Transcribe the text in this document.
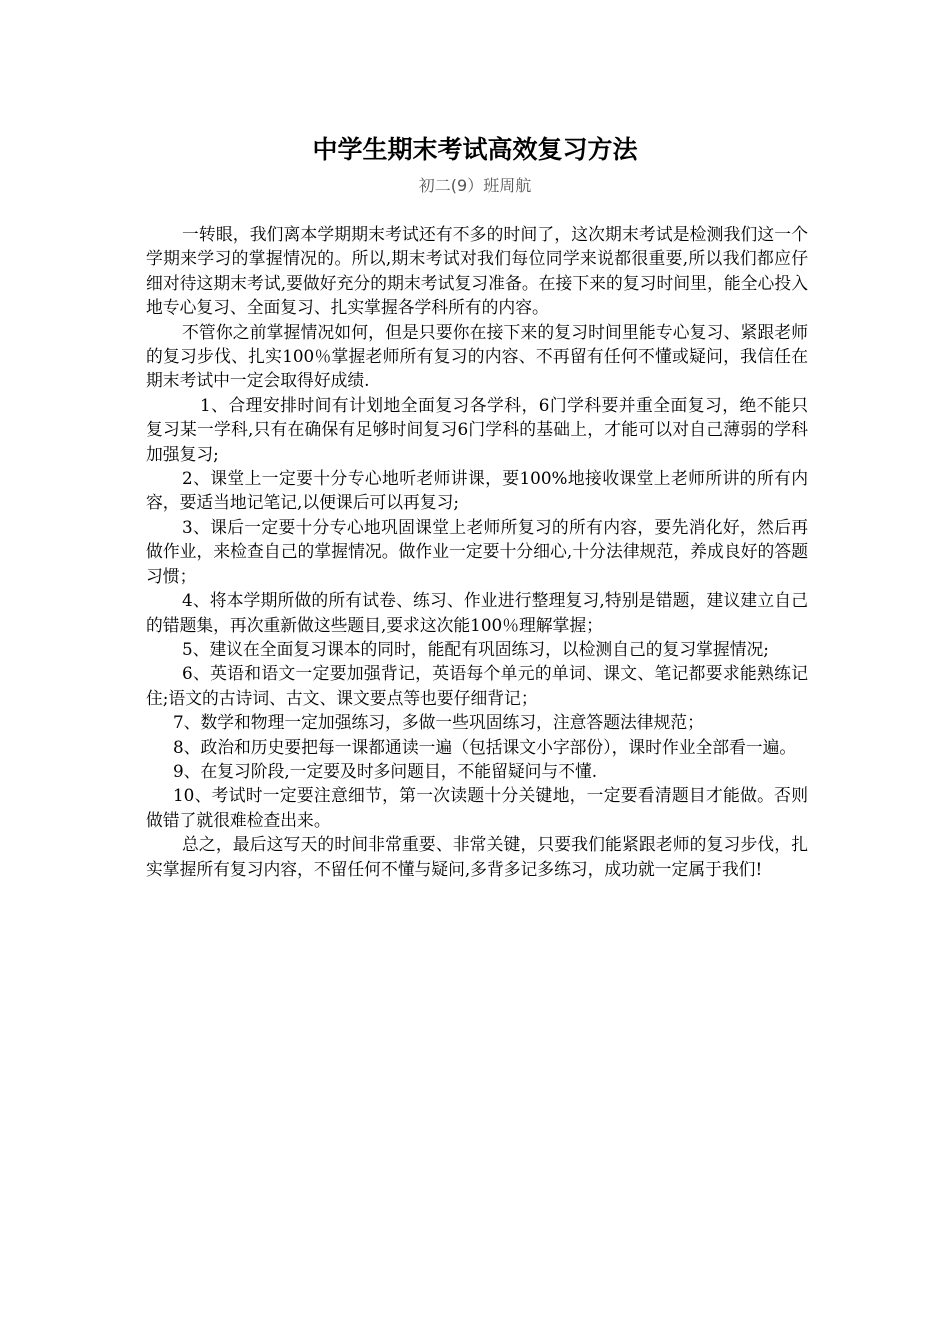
中学生期末考试高效复习方法
初二(9）班周航

一转眼，我们离本学期期末考试还有不多的时间了，这次期末考试是检测我们这一个学期来学习的掌握情况的。所以,期末考试对我们每位同学来说都很重要,所以我们都应仔细对待这期末考试,要做好充分的期末考试复习准备。在接下来的复习时间里，能全心投入地专心复习、全面复习、扎实掌握各学科所有的内容。

不管你之前掌握情况如何，但是只要你在接下来的复习时间里能专心复习、紧跟老师的复习步伐、扎实100％掌握老师所有复习的内容、不再留有任何不懂或疑问，我信任在期末考试中一定会取得好成绩.

1、合理安排时间有计划地全面复习各学科，6门学科要并重全面复习，绝不能只复习某一学科,只有在确保有足够时间复习6门学科的基础上，才能可以对自己薄弱的学科加强复习;

2、课堂上一定要十分专心地听老师讲课，要100%地接收课堂上老师所讲的所有内容，要适当地记笔记,以便课后可以再复习;

3、课后一定要十分专心地巩固课堂上老师所复习的所有内容，要先消化好，然后再做作业，来检查自己的掌握情况。做作业一定要十分细心,十分法律规范，养成良好的答题习惯；

4、将本学期所做的所有试卷、练习、作业进行整理复习,特别是错题，建议建立自己的错题集，再次重新做这些题目,要求这次能100％理解掌握；

5、建议在全面复习课本的同时，能配有巩固练习，以检测自己的复习掌握情况;

6、英语和语文一定要加强背记，英语每个单元的单词、课文、笔记都要求能熟练记住;语文的古诗词、古文、课文要点等也要仔细背记；

7、数学和物理一定加强练习，多做一些巩固练习，注意答题法律规范；

8、政治和历史要把每一课都通读一遍（包括课文小字部份），课时作业全部看一遍。

9、在复习阶段,一定要及时多问题目，不能留疑问与不懂.

10、考试时一定要注意细节，第一次读题十分关键地，一定要看清题目才能做。否则做错了就很难检查出来。

总之，最后这写天的时间非常重要、非常关键，只要我们能紧跟老师的复习步伐，扎实掌握所有复习内容，不留任何不懂与疑问,多背多记多练习，成功就一定属于我们!
